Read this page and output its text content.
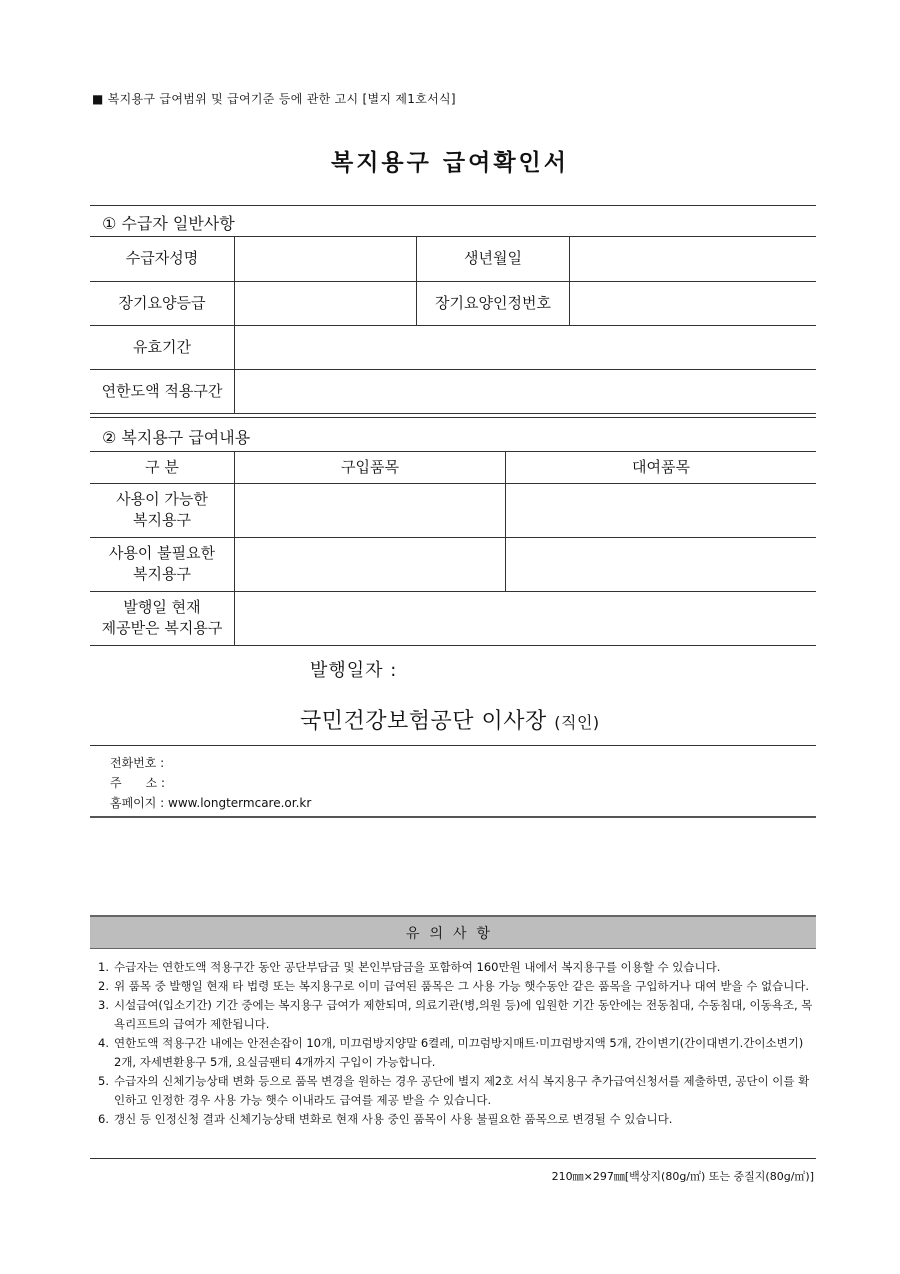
■ 복지용구 급여범위 및 급여기준 등에 관한 고시 [별지 제1호서식]
복지용구 급여확인서
① 수급자 일반사항
수급자성명	생년월일
장기요양등급	장기요양인정번호
유효기간
연한도액 적용구간
② 복지용구 급여내용
구 분	구입품목	대여품목
사용이 가능한
복지용구
사용이 불필요한
복지용구
발행일 현재
제공받은 복지용구
발행일자 :
국민건강보험공단 이사장 (직인)
전화번호 :
주　　소 :
홈페이지 : www.longtermcare.or.kr
유의사항
1. 수급자는 연한도액 적용구간 동안 공단부담금 및 본인부담금을 포함하여 160만원 내에서 복지용구를 이용할 수 있습니다.
2. 위 품목 중 발행일 현재 타 법령 또는 복지용구로 이미 급여된 품목은 그 사용 가능 햇수동안 같은 품목을 구입하거나 대여 받을 수 없습니다.
3. 시설급여(입소기간) 기간 중에는 복지용구 급여가 제한되며, 의료기관(병,의원 등)에 입원한 기간 동안에는 전동침대, 수동침대, 이동욕조, 목욕리프트의 급여가 제한됩니다.
4. 연한도액 적용구간 내에는 안전손잡이 10개, 미끄럼방지양말 6켤레, 미끄럼방지매트·미끄럼방지액 5개, 간이변기(간이대변기.간이소변기) 2개, 자세변환용구 5개, 요실금팬티 4개까지 구입이 가능합니다.
5. 수급자의 신체기능상태 변화 등으로 품목 변경을 원하는 경우 공단에 별지 제2호 서식 복지용구 추가급여신청서를 제출하면, 공단이 이를 확인하고 인정한 경우 사용 가능 햇수 이내라도 급여를 제공 받을 수 있습니다.
6. 갱신 등 인정신청 결과 신체기능상태 변화로 현재 사용 중인 품목이 사용 불필요한 품목으로 변경될 수 있습니다.
210㎜×297㎜[백상지(80g/㎡) 또는 중질지(80g/㎡)]
